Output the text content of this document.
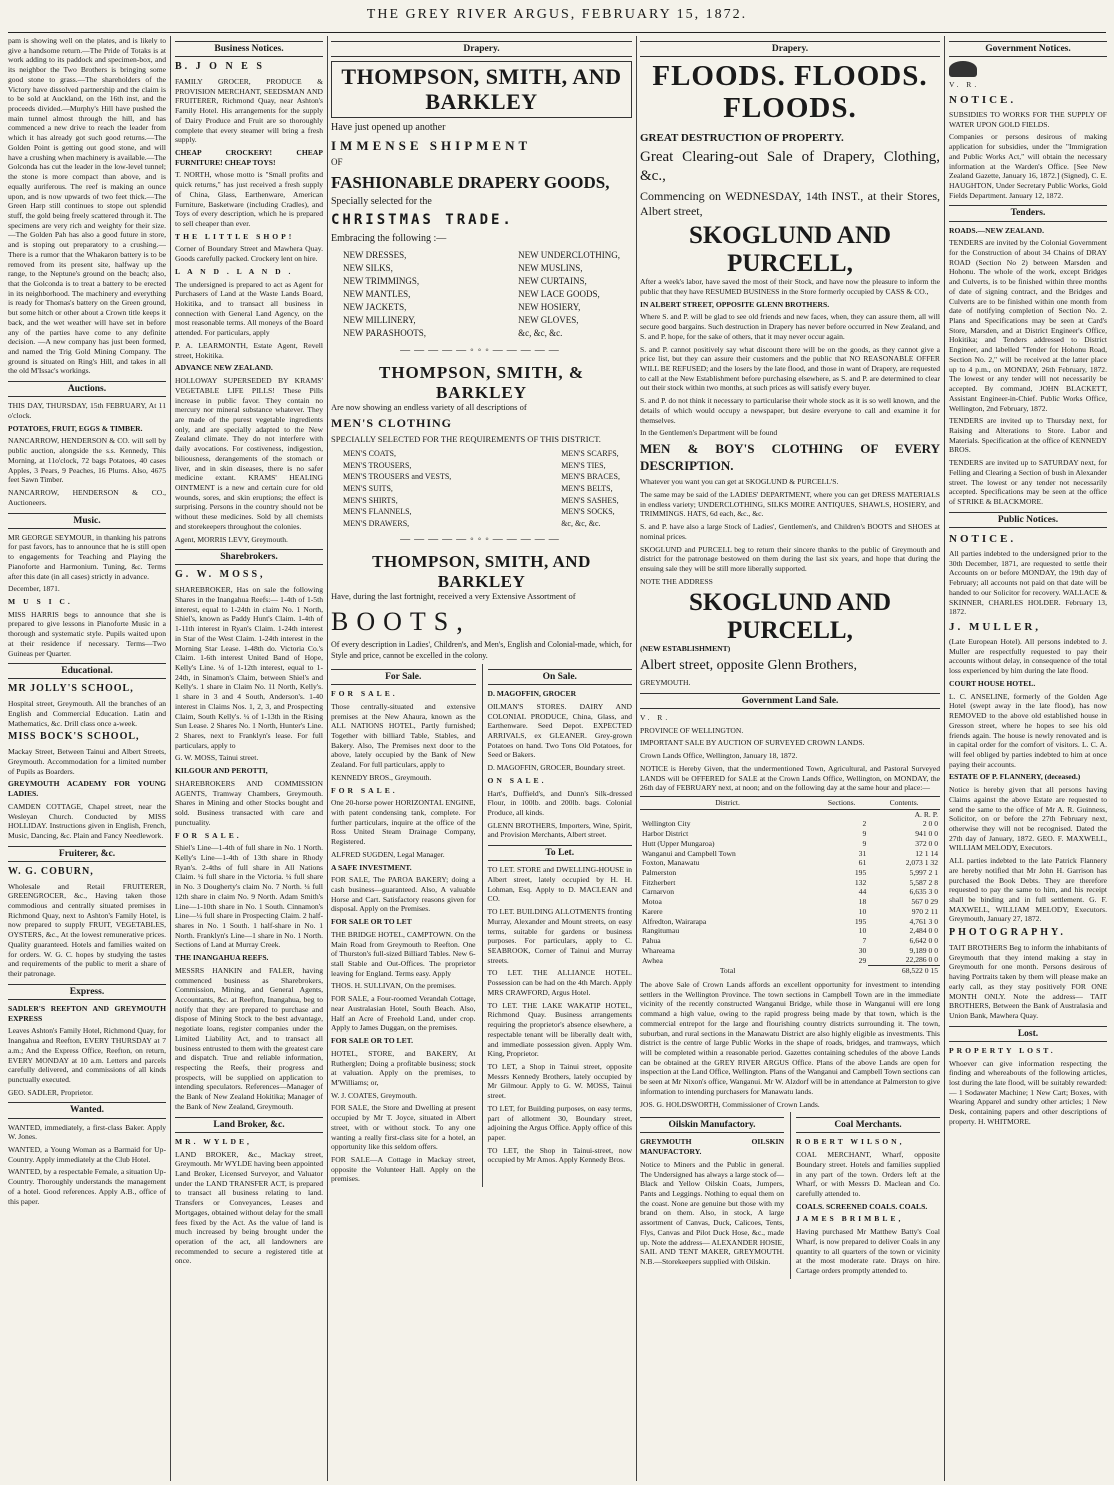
THE GREY RIVER ARGUS, FEBRUARY 15, 1872.

pam is showing well on the plates, and is likely to give a handsome return.—The Pride of Totaks is at work adding to its paddock and specimen-box, and its neighbor the Two Brothers is bringing some good stone to grass.—The shareholders of the Victory have dissolved partnership and the claim is to be sold at Auckland, on the 16th inst, and the proceeds divided.—Murphy's Hill have pushed the main tunnel almost through the hill, and has commenced a new drive to reach the leader from which it has already got such good returns.—The Golden Point is getting out good stone, and will have a crushing when machinery is available.—The Golconda has cut the leader in the low-level tunnel; the stone is more compact than above, and is equally auriferous. The reef is making an ounce upon, and is now upwards of two feet thick.—The Green Harp still continues to stope out splendid stuff, the gold being freely scattered through it. The specimens are very rich and weighty for their size.—The Golden Pah has also a good future in store, and is stoping out preparatory to a crushing.—There is a rumor that the Whakaron battery is to be removed from its present site, halfway up the range, to the Neptune's ground on the beach; also, that the Golconda is to treat a battery to be erected in its neighborhood. The machinery and everything is ready for Thomas's battery on the Green ground, but some hitch or other about a Crown title keeps it back, and the wet weather will have set in before any of the parties have come to any definite decision. —A new company has just been formed, and named the Trig Gold Mining Company. The ground is situated on Ring's Hill, and takes in all the old M'Issac's workings.

Auctions.

THIS DAY, THURSDAY, 15th FEBRUARY, At 11 o'clock.

POTATOES, FRUIT, EGGS & TIMBER.

NANCARROW, HENDERSON & CO. will sell by public auction, alongside the s.s. Kennedy, This Morning, at 11o'clock, 72 bags Potatoes, 40 cases Apples, 3 Pears, 9 Peaches, 16 Plums. Also, 4675 feet Sawn Timber.

NANCARROW, HENDERSON & CO., Auctioneers.

Music.

MR GEORGE SEYMOUR, in thanking his patrons for past favors, has to announce that he is still open to engagements for Teaching and Playing the Pianoforte and Harmonium. Tuning, &c. Terms after this date (in all cases) strictly in advance.

December, 1871.

M U S I C.

MISS HARRIS begs to announce that she is prepared to give lessons in Pianoforte Music in a thorough and systematic style. Pupils waited upon at their residence if necessary. Terms—Two Guineas per Quarter.

Educational.

MR JOLLY'S SCHOOL,

Hospital street, Greymouth. All the branches of an English and Commercial Education. Latin and Mathematics, &c. Drill class once a-week.

MISS BOCK'S SCHOOL,

Mackay Street, Between Tainui and Albert Streets, Greymouth. Accommodation for a limited number of Pupils as Boarders.

GREYMOUTH ACADEMY FOR YOUNG LADIES.

CAMDEN COTTAGE, Chapel street, near the Wesleyan Church. Conducted by MISS HOLLIDAY. Instructions given in English, French, Music, Dancing, &c. Plain and Fancy Needlework.

Fruiterer, &c.

W. G. COBURN,

Wholesale and Retail FRUITERER, GREENGROCER, &c., Having taken those commodious and centrally situated premises in Richmond Quay, next to Ashton's Family Hotel, is now prepared to supply FRUIT, VEGETABLES, OYSTERS, &c., At the lowest remunerative prices. Quality guaranteed. Hotels and families waited on for orders. W. G. C. hopes by studying the tastes and requirements of the public to merit a share of their patronage.

Express.

SADLER'S REEFTON AND GREYMOUTH EXPRESS

Leaves Ashton's Family Hotel, Richmond Quay, for Inangahua and Reefton, EVERY THURSDAY at 7 a.m.; And the Express Office, Reefton, on return, EVERY MONDAY at 10 a.m. Letters and parcels carefully delivered, and commissions of all kinds punctually executed.

GEO. SADLER, Proprietor.

Wanted.

WANTED, immediately, a first-class Baker. Apply W. Jones.

WANTED, a Young Woman as a Barmaid for Up-Country. Apply immediately at the Club Hotel.

WANTED, by a respectable Female, a situation Up-Country. Thoroughly understands the management of a hotel. Good references. Apply A.B., office of this paper.

Business Notices.

B. J O N E S

FAMILY GROCER, PRODUCE & PROVISION MERCHANT, SEEDSMAN AND FRUITERER, Richmond Quay, near Ashton's Family Hotel. His arrangements for the supply of Dairy Produce and Fruit are so thoroughly complete that every steamer will bring a fresh supply.

CHEAP CROCKERY! CHEAP FURNITURE! CHEAP TOYS!

T. NORTH, whose motto is "Small profits and quick returns," has just received a fresh supply of China, Glass, Earthenware, American Furniture, Basketware (including Cradles), and Toys of every description, which he is prepared to sell cheaper than ever.

THE LITTLE SHOP!

Corner of Boundary Street and Mawhera Quay. Goods carefully packed. Crockery lent on hire.

L A N D . L A N D .

The undersigned is prepared to act as Agent for Purchasers of Land at the Waste Lands Board, Hokitika, and to transact all business in connection with General Land Agency, on the most reasonable terms. All moneys of the Board attended. For particulars, apply

P. A. LEARMONTH, Estate Agent, Revell street, Hokitika.

ADVANCE NEW ZEALAND.

HOLLOWAY SUPERSEDED BY KRAMS' VEGETABLE LIFE PILLS! These Pills increase in public favor. They contain no mercury nor mineral substance whatever. They are made of the purest vegetable ingredients only, and are specially adapted to the New Zealand climate. They do not interfere with daily avocations. For costiveness, indigestion, biliousness, derangements of the stomach or liver, and in skin diseases, there is no safer medicine extant. KRAMS' HEALING OINTMENT is a new and certain cure for old wounds, sores, and skin eruptions; the effect is surprising. Persons in the country should not be without these medicines. Sold by all chemists and storekeepers throughout the colonies.

Agent, MORRIS LEVY, Greymouth.

Sharebrokers.

G. W. MOSS,

SHAREBROKER, Has on sale the following Shares in the Inangahua Reefs:— 1-4th of 1-5th interest, equal to 1-24th in claim No. 1 North, Shiel's, known as Paddy Hunt's Claim. 1-4th of 1-11th interest in Ryan's Claim. 1-24th interest in Star of the West Claim. 1-24th interest in the Morning Star Lease. 1-48th do. Victoria Co.'s Claim. 1-6th interest United Band of Hope, Kelly's Line. ¼ of 1-12th interest, equal to 1-24th, in Sinamon's Claim, between Shiel's and Kelly's. 1 share in Claim No. 11 North, Kelly's. 1 share in 3 and 4 South, Anderson's. 1-40 interest in Claims Nos. 1, 2, 3, and Prospecting Claim, South Kelly's. ¼ of 1-13th in the Rising Sun Lease. 2 Shares No. 1 North, Hunter's Line. 2 Shares, next to Franklyn's lease. For full particulars, apply to

G. W. MOSS, Tainui street.

KILGOUR AND PEROTTI,

SHAREBROKERS AND COMMISSION AGENTS, Tramway Chambers, Greymouth. Shares in Mining and other Stocks bought and sold. Business transacted with care and punctuality.

FOR SALE.

Shiel's Line—1-4th of full share in No. 1 North. Kelly's Line—1-4th of 13th share in Rhody Ryan's. 2-4ths of full share in All Nations Claim. ¼ full share in the Victoria. ¼ full share in No. 3 Dougherty's claim No. 7 North. ¼ full 12th share in claim No. 9 North. Adam Smith's Line—1-10th share in No. 1 South. Cinnamon's Line—¼ full share in Prospecting Claim. 2 half-shares in No. 1 South. 1 half-share in No. 1 North. Franklyn's Line—1 share in No. 1 North. Sections of Land at Murray Creek.

THE INANGAHUA REEFS.

MESSRS HANKIN and FALER, having commenced business as Sharebrokers, Commission, Mining, and General Agents, Accountants, &c. at Reefton, Inangahua, beg to notify that they are prepared to purchase and dispose of Mining Stock to the best advantage, negotiate loans, register companies under the Limited Liability Act, and to transact all business entrusted to them with the greatest care and dispatch. True and reliable information, respecting the Reefs, their progress and prospects, will be supplied on application to intending speculators. References—Manager of the Bank of New Zealand Hokitika; Manager of the Bank of New Zealand, Greymouth.

Land Broker, &c.

MR. WYLDE,

LAND BROKER, &c., Mackay street, Greymouth. Mr WYLDE having been appointed Land Broker, Licensed Surveyor, and Valuator under the LAND TRANSFER ACT, is prepared to transact all business relating to land. Transfers or Conveyances, Leases and Mortgages, obtained without delay for the small fees fixed by the Act. As the value of land is much increased by being brought under the operation of the act, all landowners are recommended to secure a registered title at once.

Drapery.
THOMPSON, SMITH, AND BARKLEY

Have just opened up another

IMMENSE SHIPMENT

OF

FASHIONABLE DRAPERY GOODS,

Specially selected for the

CHRISTMAS TRADE.

Embracing the following :—

NEW DRESSES,
NEW SILKS,
NEW TRIMMINGS,
NEW MANTLES,
NEW JACKETS,
NEW MILLINERY,
NEW PARASHOOTS,
NEW UNDERCLOTHING,
NEW MUSLINS,
NEW CURTAINS,
NEW LACE GOODS,
NEW HOSIERY,
NEW GLOVES,
&c, &c, &c.
—————◦◦◦—————
THOMPSON, SMITH, & BARKLEY

Are now showing an endless variety of all descriptions of

MEN'S CLOTHING

SPECIALLY SELECTED FOR THE REQUIREMENTS OF THIS DISTRICT.

MEN'S COATS,
MEN'S TROUSERS,
MEN'S TROUSERS and VESTS,
MEN'S SUITS,
MEN'S SHIRTS,
MEN'S FLANNELS,
MEN'S DRAWERS,
MEN'S SCARFS,
MEN'S TIES,
MEN'S BRACES,
MEN'S BELTS,
MEN'S SASHES,
MEN'S SOCKS,
&c, &c, &c.
—————◦◦◦—————
THOMPSON, SMITH, AND BARKLEY

Have, during the last fortnight, received a very Extensive Assortment of

BOOTS,

Of every description in Ladies', Children's, and Men's, English and Colonial-made, which, for Style and price, cannot be excelled in the colony.

For Sale.

FOR SALE.

Those centrally-situated and extensive premises at the New Ahaura, known as the ALL NATIONS HOTEL, Partly furnished; Together with billiard Table, Stables, and Bakery. Also, The Premises next door to the above, lately occupied by the Bank of New Zealand. For full particulars, apply to

KENNEDY BROS., Greymouth.

FOR SALE.

One 20-horse power HORIZONTAL ENGINE, with patent condensing tank, complete. For further particulars, inquire at the office of the Ross United Steam Drainage Company, Registered.

ALFRED SUGDEN, Legal Manager.

A SAFE INVESTMENT.

FOR SALE, The PAROA BAKERY; doing a cash business—guaranteed. Also, A valuable Horse and Cart. Satisfactory reasons given for disposal. Apply on the Premises.

FOR SALE OR TO LET

THE BRIDGE HOTEL, CAMPTOWN. On the Main Road from Greymouth to Reefton. One of Thurston's full-sized Billiard Tables. New 6-stall Stable and Out-Offices. The proprietor leaving for England. Terms easy. Apply

THOS. H. SULLIVAN, On the premises.

FOR SALE, a Four-roomed Verandah Cottage, near Australasian Hotel, South Beach. Also, Half an Acre of Freehold Land, under crop. Apply to James Duggan, on the premises.

FOR SALE OR TO LET.

HOTEL, STORE, and BAKERY, At Rutherglen; Doing a profitable business; stock at valuation. Apply on the premises, to M'Williams; or,

W. J. COATES, Greymouth.

FOR SALE, the Store and Dwelling at present occupied by Mr T. Joyce, situated in Albert street, with or without stock. To any one wanting a really first-class site for a hotel, an opportunity like this seldom offers.

FOR SALE—A Cottage in Mackay street, opposite the Volunteer Hall. Apply on the premises.

On Sale.

D. MAGOFFIN, GROCER

OILMAN'S STORES. DAIRY AND COLONIAL PRODUCE, China, Glass, and Earthenware. Seed Depot. EXPECTED ARRIVALS, ex GLEANER. Grey-grown Potatoes on hand. Two Tons Old Potatoes, for Seed or Bakers.

D. MAGOFFIN, GROCER, Boundary street.

ON SALE.

Hart's, Duffield's, and Dunn's Silk-dressed Flour, in 100lb. and 200lb. bags. Colonial Produce, all kinds.

GLENN BROTHERS, Importers, Wine, Spirit, and Provision Merchants, Albert street.

To Let.

TO LET. STORE and DWELLING-HOUSE in Albert street, lately occupied by H. H. Lohman, Esq. Apply to D. MACLEAN and CO.

TO LET. BUILDING ALLOTMENTS fronting Murray, Alexander and Mount streets, on easy terms, suitable for gardens or business purposes. For particulars, apply to C. SEABROOK, Corner of Tainui and Murray streets.

TO LET. THE ALLIANCE HOTEL. Possession can be had on the 4th March. Apply MRS CRAWFORD, Argus Hotel.

TO LET. THE LAKE WAKATIP HOTEL, Richmond Quay. Business arrangements requiring the proprietor's absence elsewhere, a respectable tenant will be liberally dealt with, and immediate possession given. Apply Wm. King, Proprietor.

TO LET, a Shop in Tainui street, opposite Messrs Kennedy Brothers, lately occupied by Mr Gilmour. Apply to G. W. MOSS, Tainui street.

TO LET, for Building purposes, on easy terms, part of allotment 30, Boundary street, adjoining the Argus Office. Apply office of this paper.

TO LET, the Shop in Tainui-street, now occupied by Mr Amos. Apply Kennedy Bros.

Drapery.
FLOODS. FLOODS. FLOODS.

GREAT DESTRUCTION OF PROPERTY.

Great Clearing-out Sale of Drapery, Clothing, &c.,

Commencing on WEDNESDAY, 14th INST., at their Stores, Albert street,

SKOGLUND AND PURCELL,

After a week's labor, have saved the most of their Stock, and have now the pleasure to inform the public that they have RESUMED BUSINESS in the Store formerly occupied by CASS & CO.,

IN ALBERT STREET, OPPOSITE GLENN BROTHERS.

Where S. and P. will be glad to see old friends and new faces, when, they can assure them, all will secure good bargains. Such destruction in Drapery has never before occurred in New Zealand, and S. and P. hope, for the sake of others, that it may never occur again.

S. and P. cannot positively say what discount there will be on the goods, as they cannot give a price list, but they can assure their customers and the public that NO REASONABLE OFFER WILL BE REFUSED; and the losers by the late flood, and those in want of Drapery, are requested to call at the New Establishment before purchasing elsewhere, as S. and P. are determined to clear out their stock within two months, at such prices as will satisfy every buyer.

S. and P. do not think it necessary to particularise their whole stock as it is so well known, and the details of which would occupy a newspaper, but desire everyone to call and examine it for themselves.

In the Gentlemen's Department will be found

MEN & BOY'S CLOTHING OF EVERY DESCRIPTION.

Whatever you want you can get at SKOGLUND & PURCELL'S.

The same may be said of the LADIES' DEPARTMENT, where you can get DRESS MATERIALS in endless variety; UNDERCLOTHING, SILKS MOIRE ANTIQUES, SHAWLS, HOSIERY, and TRIMMINGS. HATS, 6d each, &c., &c.

S. and P. have also a large Stock of Ladies', Gentlemen's, and Children's BOOTS and SHOES at nominal prices.

SKOGLUND and PURCELL beg to return their sincere thanks to the public of Greymouth and district for the patronage bestowed on them during the last six years, and hope that during the ensuing sale they will be still more liberally supported.

NOTE THE ADDRESS

SKOGLUND AND PURCELL,

(NEW ESTABLISHMENT)

Albert street, opposite Glenn Brothers,

GREYMOUTH.

Government Land Sale.

V. R.

PROVINCE OF WELLINGTON.

IMPORTANT SALE BY AUCTION OF SURVEYED CROWN LANDS.

Crown Lands Office, Wellington, January 18, 1872.

NOTICE is Hereby Given, that the undermentioned Town, Agricultural, and Pastoral Surveyed LANDS will be OFFERED for SALE at the Crown Lands Office, Wellington, on MONDAY, the 26th day of FEBRUARY next, at noon; and on the following day at the same hour and place:—

District.	Sections.	Contents.
		A. R. P.
Wellington City	2	2 0 0
Harbor District	9	941 0 0
Hutt (Upper Mungaroa)	9	372 0 0
Wanganui and Campbell Town	31	12 1 14
Foxton, Manawatu	61	2,073 1 32
Palmerston	195	5,997 2 1
Fitzherbert	132	5,587 2 8
Carnarvon	44	6,635 3 0
Motoa	18	567 0 29
Karere	10	970 2 11
Alfredton, Wairarapa	195	4,761 3 0
Rangitumau	10	2,484 0 0
Pahua	7	6,642 0 0
Whareama	30	9,189 0 0
Awhea	29	22,286 0 0
Total		68,522 0 15

The above Sale of Crown Lands affords an excellent opportunity for investment to intending settlers in the Wellington Province. The town sections in Campbell Town are in the immediate vicinity of the recently constructed Wanganui Bridge, while those in Wanganui will ere long command a high value, owing to the rapid progress being made by that town, which is the commercial entrepot for the large and flourishing country districts surrounding it. The town, suburban, and rural sections in the Manawatu District are also highly eligible as investments. This district is the centre of large Public Works in the shape of roads, bridges, and tramways, which will be completed within a reasonable period. Gazettes containing schedules of the above Lands can be obtained at the GREY RIVER ARGUS Office. Plans of the above Lands are open for inspection at the Land Office, Wellington. Plans of the Wanganui and Campbell Town sections can be seen at Mr Nixon's office, Wanganui. Mr W. Alzdorf will be in attendance at Palmerston to give information to intending purchasers for Manawatu lands.

JOS. G. HOLDSWORTH, Commissioner of Crown Lands.

Oilskin Manufactory.

GREYMOUTH OILSKIN MANUFACTORY.

Notice to Miners and the Public in general. The Undersigned has always a large stock of— Black and Yellow Oilskin Coats, Jumpers, Pants and Leggings. Nothing to equal them on the coast. None are genuine but those with my brand on them. Also, in stock, A large assortment of Canvas, Duck, Calicoes, Tents, Flys, Canvas and Pilot Duck Hose, &c., made up. Note the address— ALEXANDER HOSIE, SAIL AND TENT MAKER, GREYMOUTH. N.B.—Storekeepers supplied with Oilskin.

Coal Merchants.

ROBERT WILSON,

COAL MERCHANT, Wharf, opposite Boundary street. Hotels and families supplied in any part of the town. Orders left at the Wharf, or with Messrs D. Maclean and Co. carefully attended to.

COALS. SCREENED COALS. COALS.

JAMES BRIMBLE,

Having purchased Mr Matthew Batty's Coal Wharf, is now prepared to deliver Coals in any quantity to all quarters of the town or vicinity at the most moderate rate. Drays on hire. Cartage orders promptly attended to.

Government Notices.

V. R.

NOTICE.

SUBSIDIES TO WORKS FOR THE SUPPLY OF WATER UPON GOLD FIELDS.

Companies or persons desirous of making application for subsidies, under the "Immigration and Public Works Act," will obtain the necessary information at the Warden's Office. [See New Zealand Gazette, January 16, 1872.] (Signed), C. E. HAUGHTON, Under Secretary Public Works, Gold Fields Department. January 12, 1872.

Tenders.

ROADS.—NEW ZEALAND.

TENDERS are invited by the Colonial Government for the Construction of about 34 Chains of DRAY ROAD (Section No 2) between Marsden and Hohonu. The whole of the work, except Bridges and Culverts, is to be finished within three months of date of signing contract, and the Bridges and Culverts are to be finished within one month from date of notifying completion of Section No. 2. Plans and Specifications may be seen at Card's Store, Marsden, and at District Engineer's Office, Hokitika; and Tenders addressed to District Engineer, and labelled "Tender for Hohonu Road, Section No. 2," will be received at the latter place up to 4 p.m., on MONDAY, 26th February, 1872. The lowest or any tender will not necessarily be accepted. By command, JOHN BLACKETT, Assistant Engineer-in-Chief. Public Works Office, Wellington, 2nd February, 1872.

TENDERS are invited up to Thursday next, for Raising and Alterations to Store. Labor and Materials. Specification at the office of KENNEDY BROS.

TENDERS are invited up to SATURDAY next, for Felling and Clearing a Section of bush in Alexander street. The lowest or any tender not necessarily accepted. Specifications may be seen at the office of STRIKE & BLACKMORE.

Public Notices.

NOTICE.

All parties indebted to the undersigned prior to the 30th December, 1871, are requested to settle their Accounts on or before MONDAY, the 19th day of February; all accounts not paid on that date will be handed to our Solicitor for recovery. WALLACE & SKINNER, CHARLES HOLDER. February 13, 1872.

J. MULLER,

(Late European Hotel). All persons indebted to J. Muller are respectfully requested to pay their accounts without delay, in consequence of the total loss experienced by him during the late flood.

COURT HOUSE HOTEL.

L. C. ANSELINE, formerly of the Golden Age Hotel (swept away in the late flood), has now REMOVED to the above old established house in Gresson street, where he hopes to see his old friends again. The house is newly renovated and is in capital order for the comfort of visitors. L. C. A. will feel obliged by parties indebted to him at once paying their accounts.

ESTATE OF P. FLANNERY, (deceased.)

Notice is hereby given that all persons having Claims against the above Estate are requested to send the same to the office of Mr A. R. Guinness, Solicitor, on or before the 27th February next, otherwise they will not be recognised. Dated the 27th day of January, 1872. GEO. F. MAXWELL, WILLIAM MELODY, Executors.

ALL parties indebted to the late Patrick Flannery are hereby notified that Mr John H. Garrison has purchased the Book Debts. They are therefore requested to pay the same to him, and his receipt shall be binding and in full settlement. G. F. MAXWELL, WILLIAM MELODY, Executors. Greymouth, January 27, 1872.

PHOTOGRAPHY.

TAIT BROTHERS Beg to inform the inhabitants of Greymouth that they intend making a stay in Greymouth for one month. Persons desirous of having Portraits taken by them will please make an early call, as they stay positively FOR ONE MONTH ONLY. Note the address— TAIT BROTHERS, Between the Bank of Australasia and Union Bank, Mawhera Quay.

Lost.

PROPERTY LOST.

Whoever can give information respecting the finding and whereabouts of the following articles, lost during the late flood, will be suitably rewarded:— 1 Sodawater Machine; 1 New Cart; Boxes, with Wearing Apparel and sundry other articles; 1 New Desk, containing papers and other descriptions of property. H. WHITMORE.
